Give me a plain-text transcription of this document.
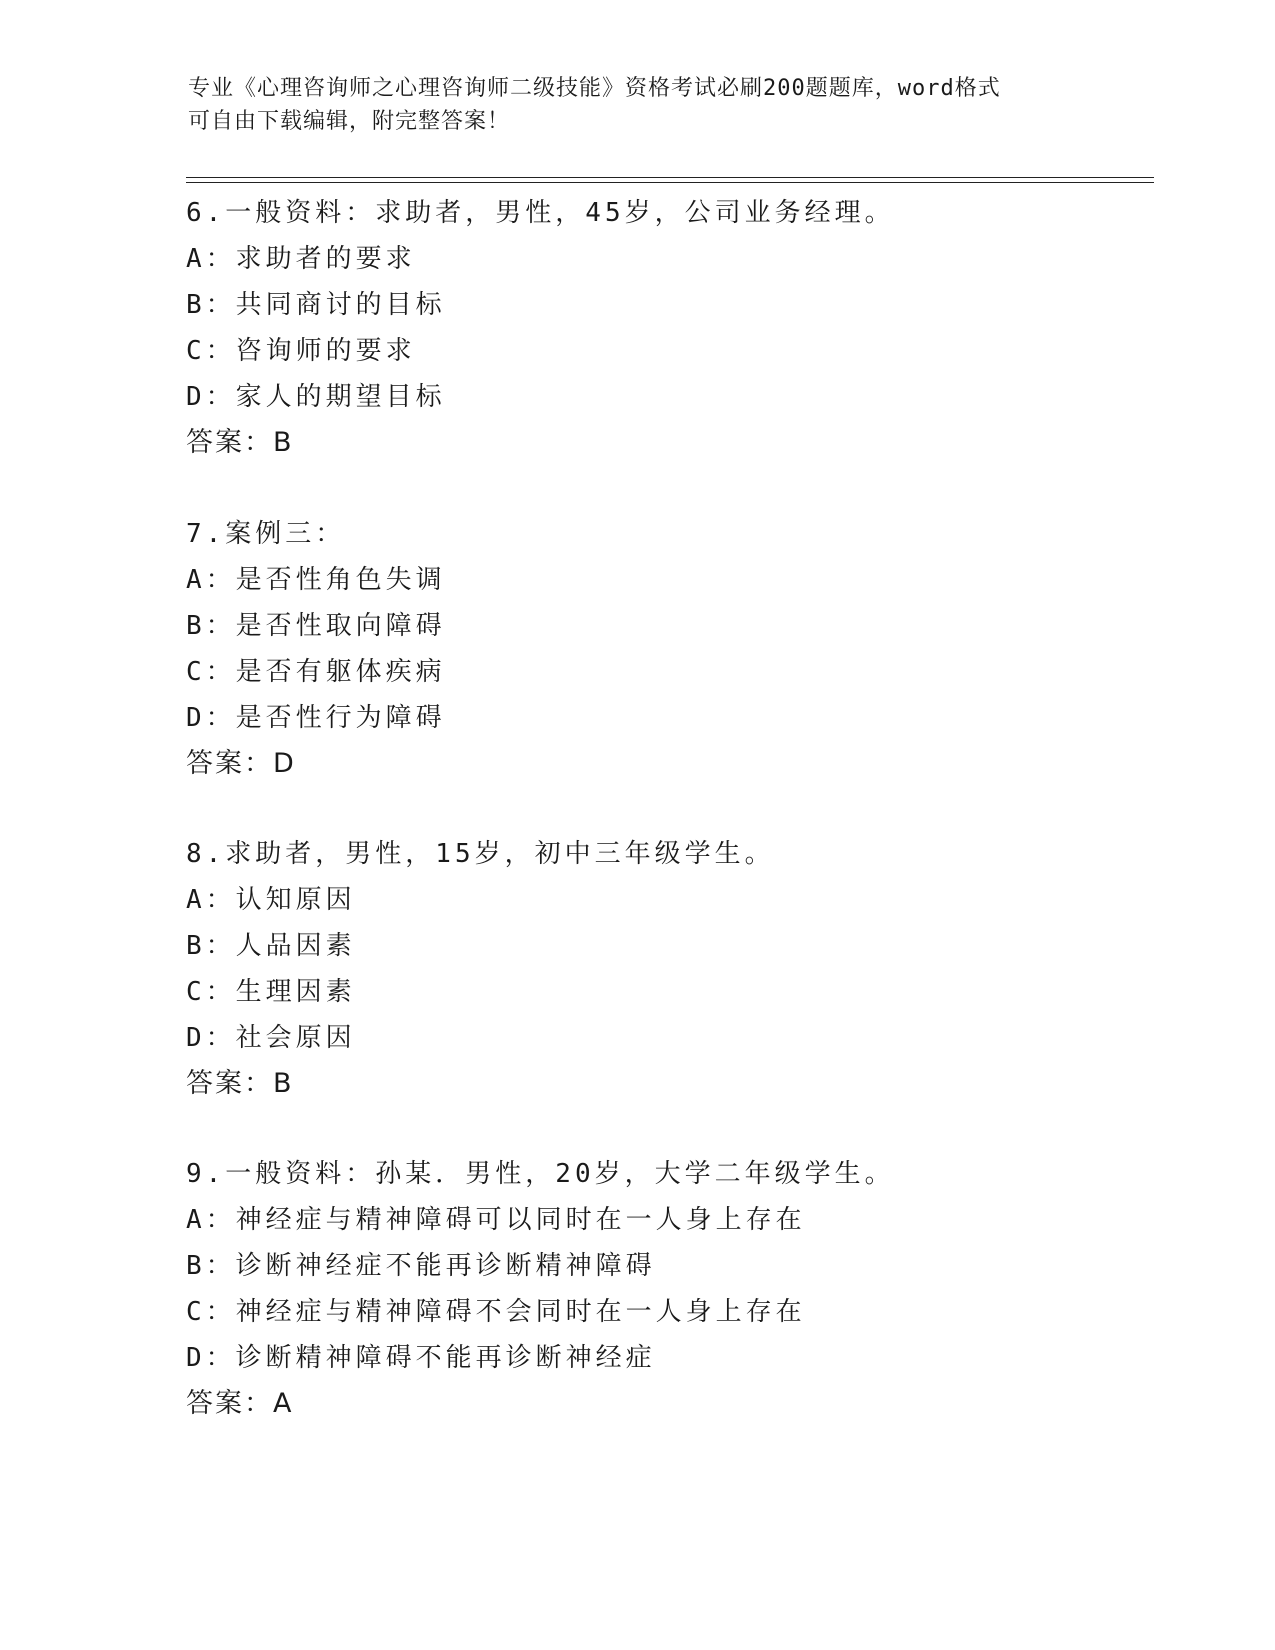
专业《心理咨询师之心理咨询师二级技能》资格考试必刷200题题库，word格式
可自由下载编辑，附完整答案！
6.一般资料：求助者，男性，45岁，公司业务经理。
A：求助者的要求
B：共同商讨的目标
C：咨询师的要求
D：家人的期望目标
答案：B
7.案例三：
A：是否性角色失调
B：是否性取向障碍
C：是否有躯体疾病
D：是否性行为障碍
答案：D
8.求助者，男性，15岁，初中三年级学生。
A：认知原因
B：人品因素
C：生理因素
D：社会原因
答案：B
9.一般资料：孙某．男性，20岁，大学二年级学生。
A：神经症与精神障碍可以同时在一人身上存在
B：诊断神经症不能再诊断精神障碍
C：神经症与精神障碍不会同时在一人身上存在
D：诊断精神障碍不能再诊断神经症
答案：A
